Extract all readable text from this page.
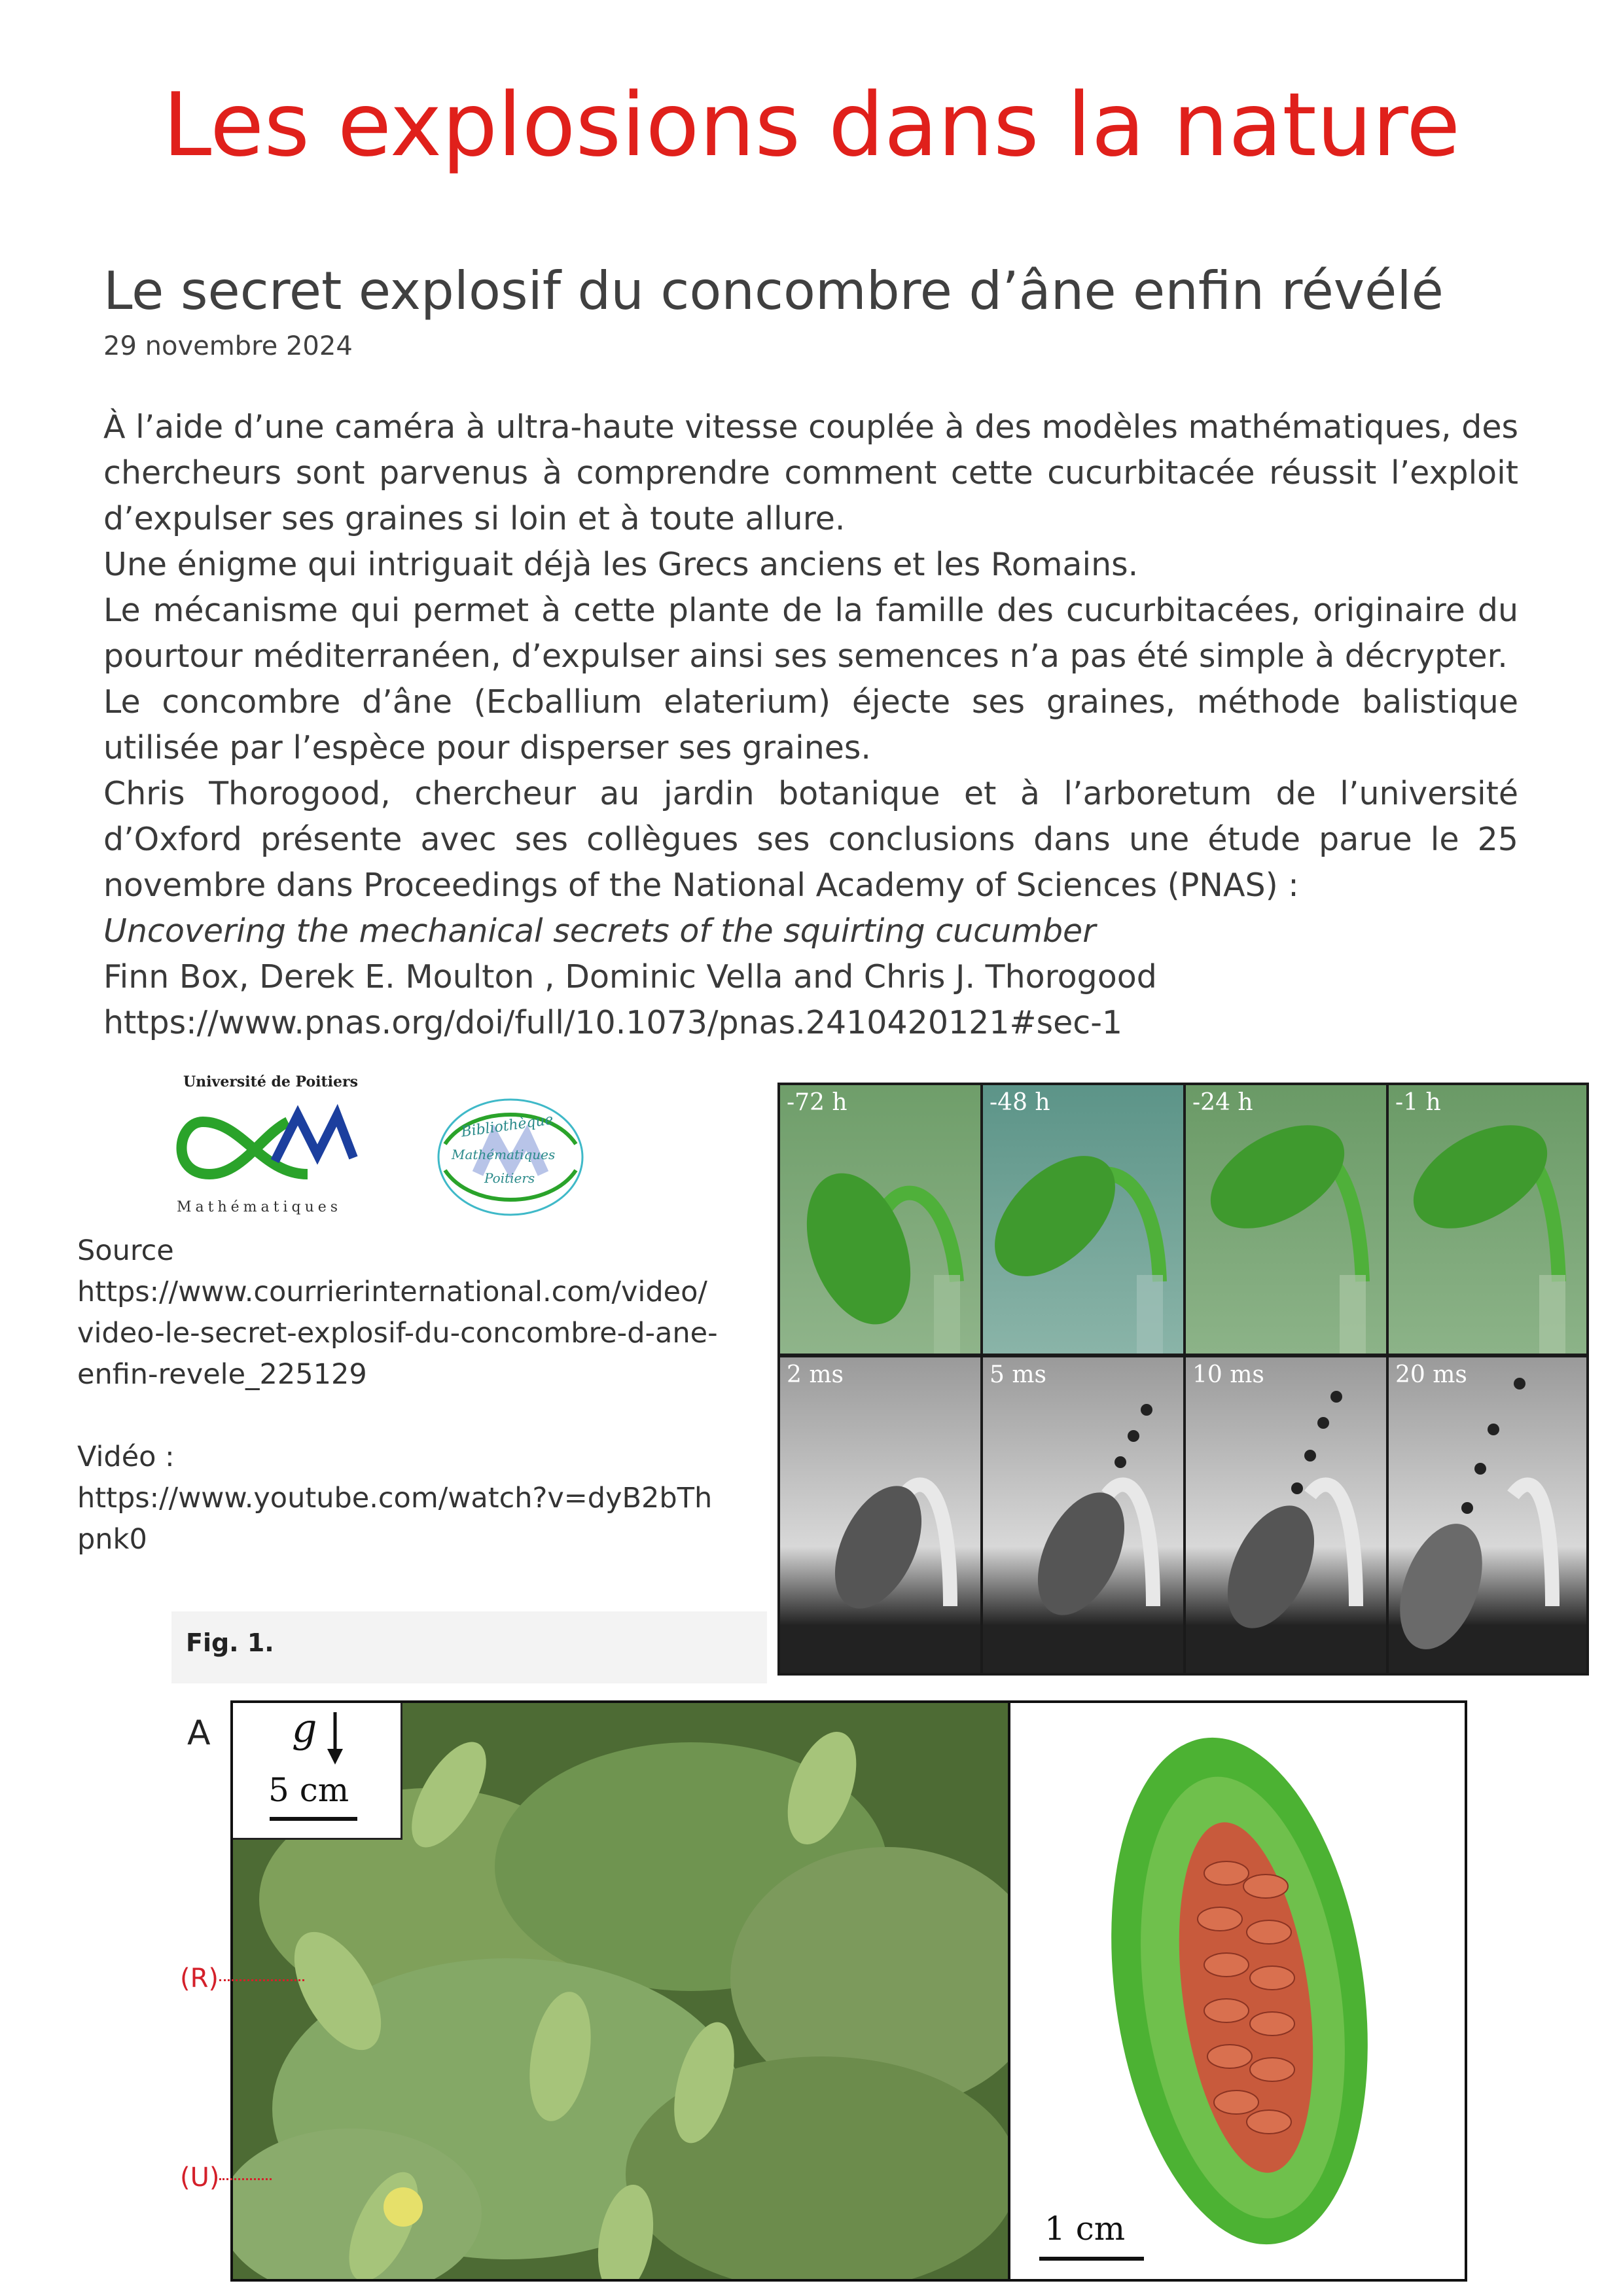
Les explosions dans la nature
Le secret explosif du concombre d’âne enfin révélé
29 novembre 2024

À l’aide d’une caméra à ultra-haute vitesse couplée à des modèles mathématiques, des chercheurs sont parvenus à comprendre comment cette cucurbitacée réussit l’exploit d’expulser ses graines si loin et à toute allure.

Une énigme qui intriguait déjà les Grecs anciens et les Romains.

Le mécanisme qui permet à cette plante de la famille des cucurbitacées, originaire du pourtour méditerranéen, d’expulser ainsi ses semences n’a pas été simple à décrypter.

Le concombre d’âne (Ecballium elaterium) éjecte ses graines, méthode balistique utilisée par l’espèce pour disperser ses graines.

Chris Thorogood, chercheur au jardin botanique et à l’arboretum de l’université d’Oxford présente avec ses collègues ses conclusions dans une étude parue le 25 novembre dans Proceedings of the National Academy of Sciences (PNAS) :

Uncovering the mechanical secrets of the squirting cucumber

Finn Box, Derek E. Moulton , Dominic Vella and Chris J. Thorogood

https://www.pnas.org/doi/full/10.1073/pnas.2410420121#sec-1

Université de Poitiers
Mathématiques
Bibliothèque
Mathématiques
Poitiers
Source
https://www.courrierinternational.com/video/
video-le-secret-explosif-du-concombre-d-ane-
enfin-revele_225129
Vidéo :
https://www.youtube.com/watch?v=dyB2bTh
pnk0
-72 h	-48 h	-24 h	-1 h
2 ms	5 ms	10 ms	20 ms
Fig. 1.
A g
5 cm
1 cm
(R)
(U)
